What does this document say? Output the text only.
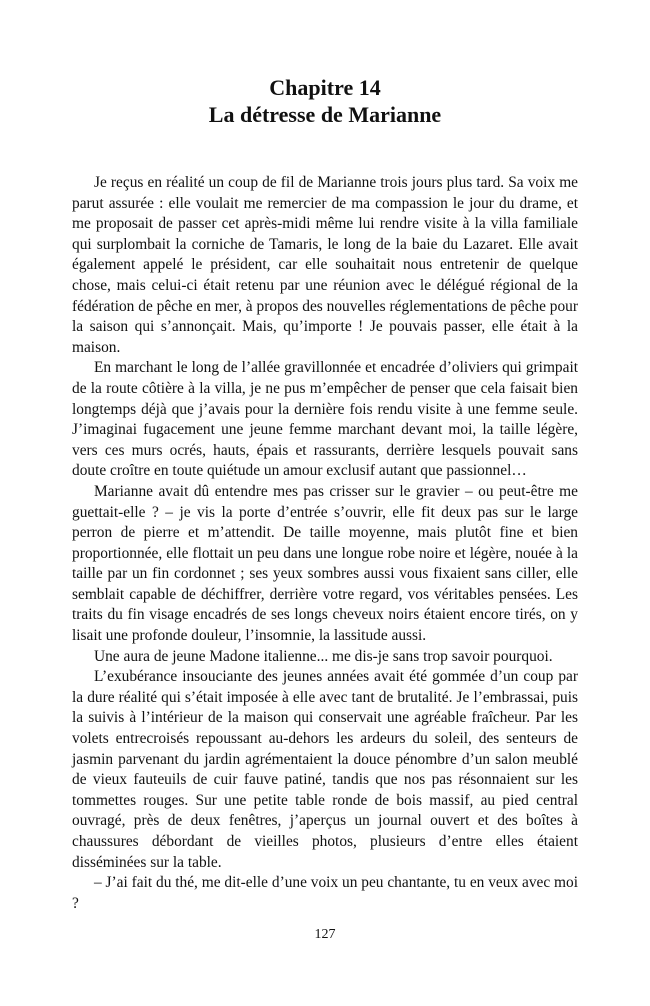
Chapitre 14
La détresse de Marianne

Je reçus en réalité un coup de fil de Marianne trois jours plus tard. Sa voix me parut assurée : elle voulait me remercier de ma compassion le jour du drame, et me proposait de passer cet après-midi même lui rendre visite à la villa familiale qui surplombait la corniche de Tamaris, le long de la baie du Lazaret. Elle avait également appelé le président, car elle souhaitait nous entretenir de quelque chose, mais celui-ci était retenu par une réunion avec le délégué régional de la fédération de pêche en mer, à propos des nouvelles réglementations de pêche pour la saison qui s’annonçait. Mais, qu’importe ! Je pouvais passer, elle était à la maison.

En marchant le long de l’allée gravillonnée et encadrée d’oliviers qui grimpait de la route côtière à la villa, je ne pus m’empêcher de penser que cela faisait bien longtemps déjà que j’avais pour la dernière fois rendu visite à une femme seule. J’imaginai fugacement une jeune femme marchant devant moi, la taille légère, vers ces murs ocrés, hauts, épais et rassurants, derrière lesquels pouvait sans doute croître en toute quiétude un amour exclusif autant que passionnel…

Marianne avait dû entendre mes pas crisser sur le gravier – ou peut-être me guettait-elle ? – je vis la porte d’entrée s’ouvrir, elle fit deux pas sur le large perron de pierre et m’attendit. De taille moyenne, mais plutôt fine et bien proportionnée, elle flottait un peu dans une longue robe noire et légère, nouée à la taille par un fin cordonnet ; ses yeux sombres aussi vous fixaient sans ciller, elle semblait capable de déchiffrer, derrière votre regard, vos véritables pensées. Les traits du fin visage encadrés de ses longs cheveux noirs étaient encore tirés, on y lisait une profonde douleur, l’insomnie, la lassitude aussi.

Une aura de jeune Madone italienne... me dis-je sans trop savoir pourquoi.

L’exubérance insouciante des jeunes années avait été gommée d’un coup par la dure réalité qui s’était imposée à elle avec tant de brutalité. Je l’embrassai, puis la suivis à l’intérieur de la maison qui conservait une agréable fraîcheur. Par les volets entrecroisés repoussant au-dehors les ardeurs du soleil, des senteurs de jasmin parvenant du jardin agrémentaient la douce pénombre d’un salon meublé de vieux fauteuils de cuir fauve patiné, tandis que nos pas résonnaient sur les tommettes rouges. Sur une petite table ronde de bois massif, au pied central ouvragé, près de deux fenêtres, j’aperçus un journal ouvert et des boîtes à chaussures débordant de vieilles photos, plusieurs d’entre elles étaient disséminées sur la table.

– J’ai fait du thé, me dit-elle d’une voix un peu chantante, tu en veux avec moi ?

127
